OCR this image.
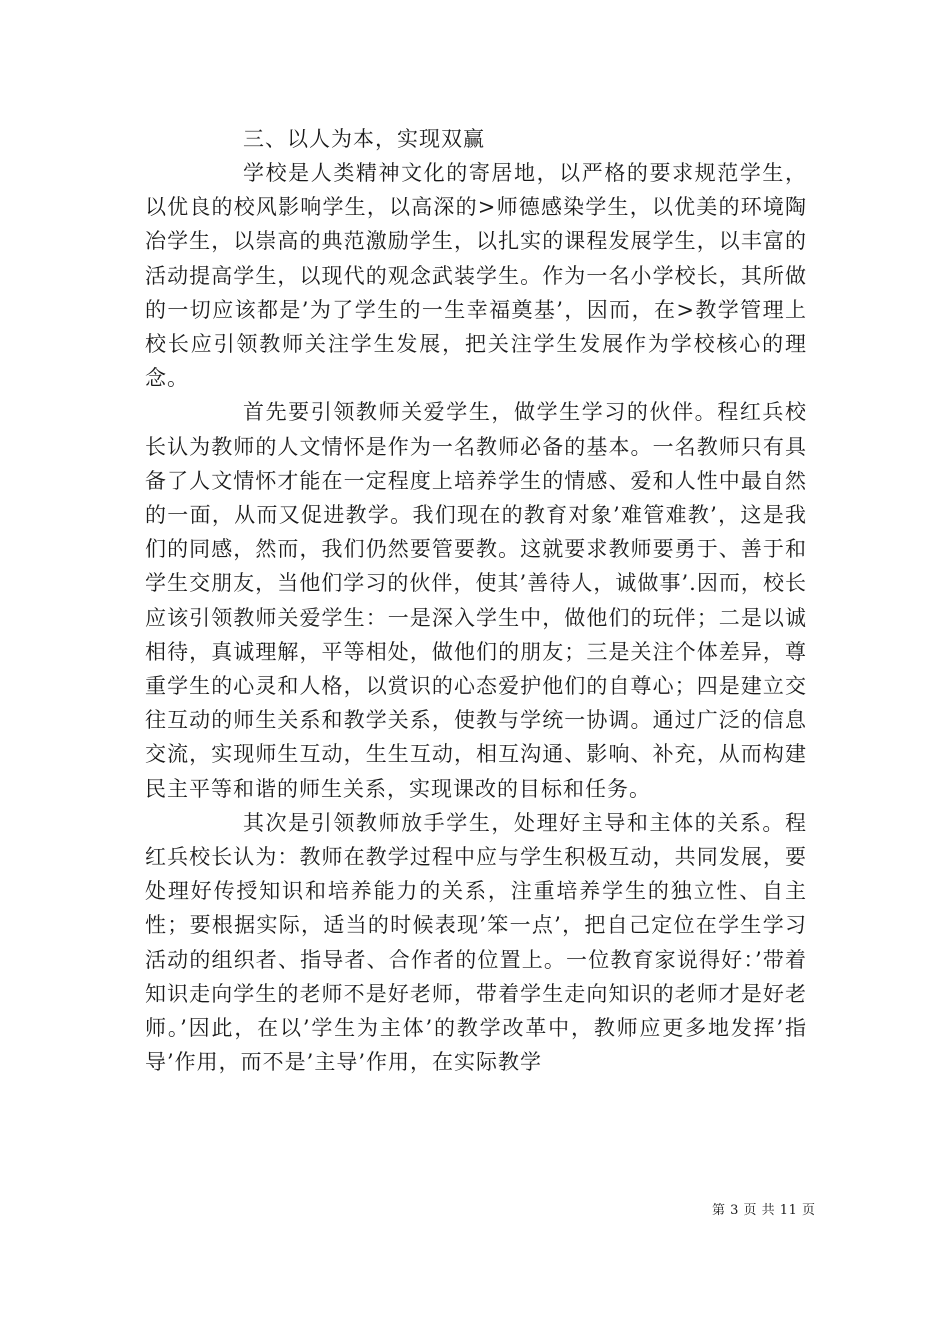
三、以人为本，实现双赢

学校是人类精神文化的寄居地，以严格的要求规范学生，以优良的校风影响学生，以高深的>师德感染学生，以优美的环境陶冶学生，以崇高的典范激励学生，以扎实的课程发展学生，以丰富的活动提高学生，以现代的观念武装学生。作为一名小学校长，其所做的一切应该都是’为了学生的一生幸福奠基’，因而，在>教学管理上校长应引领教师关注学生发展，把关注学生发展作为学校核心的理念。

首先要引领教师关爱学生，做学生学习的伙伴。程红兵校长认为教师的人文情怀是作为一名教师必备的基本。一名教师只有具备了人文情怀才能在一定程度上培养学生的情感、爱和人性中最自然的一面，从而又促进教学。我们现在的教育对象’难管难教’，这是我们的同感，然而，我们仍然要管要教。这就要求教师要勇于、善于和学生交朋友，当他们学习的伙伴，使其’善待人，诚做事’.因而，校长应该引领教师关爱学生：一是深入学生中，做他们的玩伴；二是以诚相待，真诚理解，平等相处，做他们的朋友；三是关注个体差异，尊重学生的心灵和人格，以赏识的心态爱护他们的自尊心；四是建立交往互动的师生关系和教学关系，使教与学统一协调。通过广泛的信息交流，实现师生互动，生生互动，相互沟通、影响、补充，从而构建民主平等和谐的师生关系，实现课改的目标和任务。

其次是引领教师放手学生，处理好主导和主体的关系。程红兵校长认为：教师在教学过程中应与学生积极互动，共同发展，要处理好传授知识和培养能力的关系，注重培养学生的独立性、自主性；要根据实际，适当的时候表现’笨一点’，把自己定位在学生学习活动的组织者、指导者、合作者的位置上。一位教育家说得好：’带着知识走向学生的老师不是好老师，带着学生走向知识的老师才是好老师。’因此，在以’学生为主体’的教学改革中，教师应更多地发挥’指导’作用，而不是’主导’作用，在实际教学

第 3 页 共 11 页
